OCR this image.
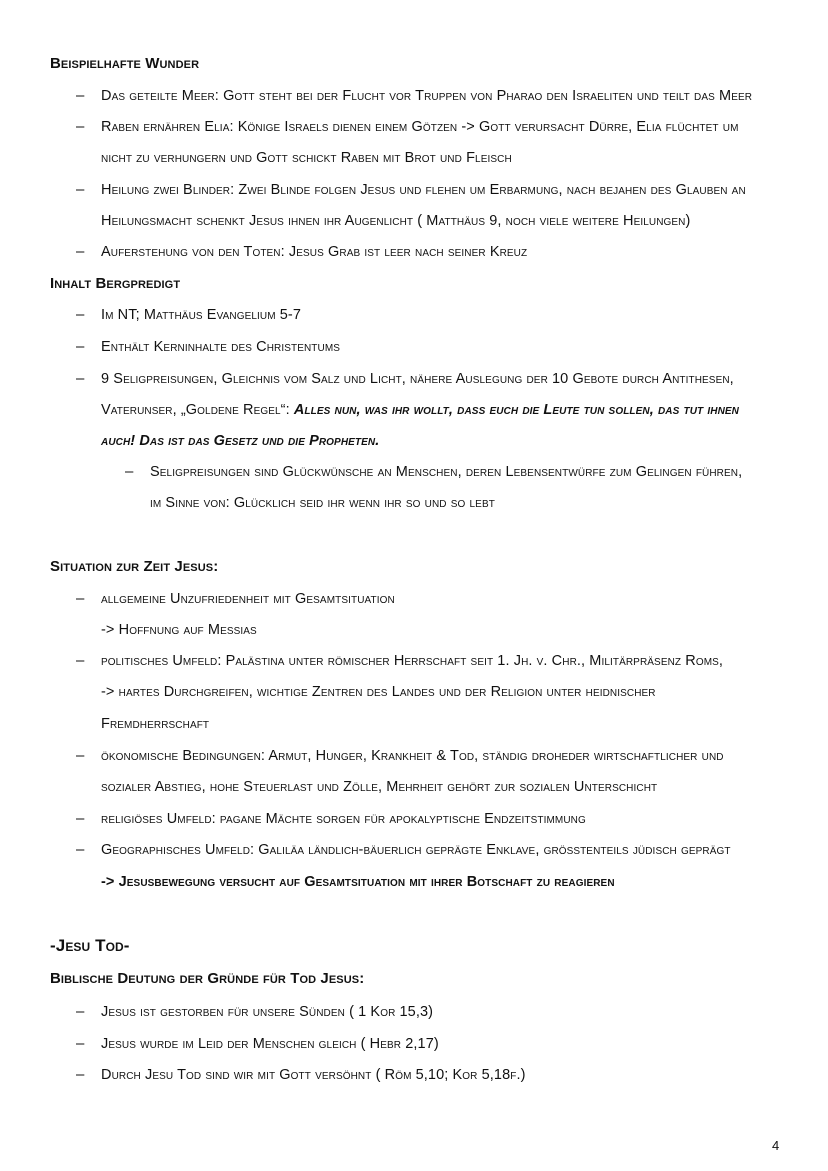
Beispielhafte Wunder
– Das geteilte Meer: Gott steht bei der Flucht vor Truppen von Pharao den Israeliten und teilt das Meer
– Raben ernähren Elia: Könige Israels dienen einem Götzen -> Gott verursacht Dürre, Elia flüchtet um
nicht zu verhungern und Gott schickt Raben mit Brot und Fleisch
– Heilung zwei Blinder: Zwei Blinde folgen Jesus und flehen um Erbarmung, nach bejahen des Glauben an
Heilungsmacht schenkt Jesus ihnen ihr Augenlicht ( Matthäus 9, noch viele weitere Heilungen)
– Auferstehung von den Toten: Jesus Grab ist leer nach seiner Kreuz
Inhalt Bergpredigt
– Im NT; Matthäus Evangelium 5-7
– Enthält Kerninhalte des Christentums
– 9 Seligpreisungen, Gleichnis vom Salz und Licht, nähere Auslegung der 10 Gebote durch Antithesen,
Vaterunser, „Goldene Regel“: Alles nun, was ihr wollt, dass euch die Leute tun sollen, das tut ihnen
auch! Das ist das Gesetz und die Propheten.
– Seligpreisungen sind Glückwünsche an Menschen, deren Lebensentwürfe zum Gelingen führen,
im Sinne von: Glücklich seid ihr wenn ihr so und so lebt
Situation zur Zeit Jesus:
– allgemeine Unzufriedenheit mit Gesamtsituation
-> Hoffnung auf Messias
– politisches Umfeld: Palästina unter römischer Herrschaft seit 1. Jh. v. Chr., Militärpräsenz Roms,
-> hartes Durchgreifen, wichtige Zentren des Landes und der Religion unter heidnischer
Fremdherrschaft
– ökonomische Bedingungen: Armut, Hunger, Krankheit & Tod, ständig droheder wirtschaftlicher und
sozialer Abstieg, hohe Steuerlast und Zölle, Mehrheit gehört zur sozialen Unterschicht
– religiöses Umfeld: pagane Mächte sorgen für apokalyptische Endzeitstimmung
– Geographisches Umfeld: Galiläa ländlich-bäuerlich geprägte Enklave, größtenteils jüdisch geprägt
-> Jesusbewegung versucht auf Gesamtsituation mit ihrer Botschaft zu reagieren
-Jesu Tod-
Biblische Deutung der Gründe für Tod Jesus:
– Jesus ist gestorben für unsere Sünden ( 1 Kor 15,3)
– Jesus wurde im Leid der Menschen gleich ( Hebr 2,17)
– Durch Jesu Tod sind wir mit Gott versöhnt ( Röm 5,10; Kor 5,18f.)
4
